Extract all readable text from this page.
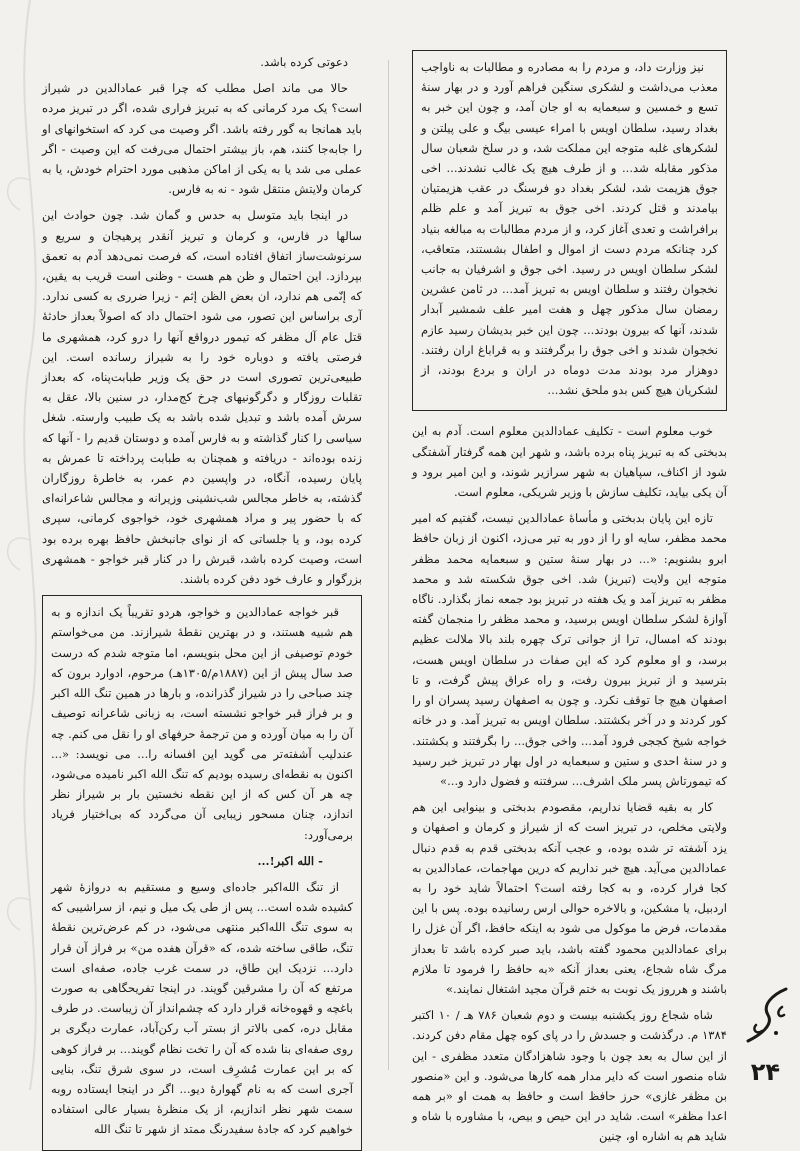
دعوتی کرده باشد.

حالا می ماند اصل مطلب که چرا قبر عمادالدین در شیراز است؟ یک مرد کرمانی که به تبریز فراری شده، اگر در تبریز مرده باید همانجا به گور رفته باشد. اگر وصیت می کرد که استخوانهای او را جابه‌جا کنند، هم، باز بیشتر احتمال می‌رفت که این وصیت - اگر عملی می شد یا به یکی از اماکن مذهبی مورد احترام خودش، یا به کرمان ولایتش منتقل شود - نه به فارس.

در اینجا باید متوسل به حدس و گمان شد. چون حوادث این سالها در فارس، و کرمان و تبریز آنقدر پرهیجان و سریع و سرنوشت‌ساز اتفاق افتاده است، که فرصت نمی‌دهد آدم به تعمق بپردازد. این احتمال و ظن هم هست - وظنی است قریب به یقین، که إنّمی هم ندارد، ان بعض الظن إثم - زیرا ضرری به کسی ندارد. آری براساس این تصور، می شود احتمال داد که اصولاً بعداز حادثهٔ قتل عام آل مظفر که تیمور درواقع آنها را درو کرد، همشهری ما فرصتی یافته و دوباره خود را به شیراز رسانده است. این طبیعی‌ترین تصوری است در حق یک وزیر طبابت‌پناه، که بعداز تقلبات روزگار و دگرگونیهای چرخ کج‌مدار، در سنین بالا، عقل به سرش آمده باشد و تبدیل شده باشد به یک طبیب وارسته. شغل سیاسی را کنار گذاشته و به فارس آمده و دوستان قدیم را - آنها که زنده بوده‌اند - دریافته و همچنان به طبابت پرداخته تا عمرش به پایان رسیده، آنگاه، در واپسین دم عمر، به خاطرهٔ روزگاران گذشته، به خاطر مجالس شب‌نشینی وزیرانه و مجالس شاعرانه‌ای که با حضور پیر و مراد همشهری خود، خواجوی کرمانی، سپری کرده بود، و یا جلساتی که از نوای جانبخش حافظ بهره برده بود است، وصیت کرده باشد، قبرش را در کنار قبر خواجو - همشهری بزرگوار و عارف خود دفن کرده باشند.

قبر خواجه عمادالدین و خواجو، هردو تقریباً یک اندازه و به هم شبیه هستند، و در بهترین نقطهٔ شیرازند. من می‌خواستم خودم توصیفی از این محل بنویسم، اما متوجه شدم که درست صد سال پیش از این (۱۸۸۷م/۱۳۰۵هـ) مرحوم، ادوارد برون که چند صباحی را در شیراز گذرانده، و بارها در همین تنگ الله اکبر و بر فراز قبر خواجو نشسته است، به زبانی شاعرانه توصیف آن را به میان آورده و من ترجمهٔ حرفهای او را نقل می کنم. چه عندلیب آشفته‌تر می گوید این افسانه را... می نویسد: «... اکنون به نقطه‌ای رسیده بودیم که تنگ الله اکبر نامیده می‌شود، چه هر آن کس که از این نقطه نخستین بار بر شیراز نظر اندازد، چنان مسحور زیبایی آن می‌گردد که بی‌اختیار فریاد برمی‌آورد:

- الله اکبر!...

از تنگ الله‌اکبر جاده‌ای وسیع و مستقیم به دروازهٔ شهر کشیده شده است... پس از طی یک میل و نیم، از سراشیبی که به سوی تنگ الله‌اکبر منتهی می‌شود، در کم عرض‌ترین نقطهٔ تنگ، طاقی ساخته شده، که «قرآن هفده من» بر فراز آن قرار دارد... نزدیک این طاق، در سمت غرب جاده، صفه‌ای است مرتفع که آن را مشرقین گویند. در اینجا تفریحگاهی به صورت باغچه و قهوه‌خانه قرار دارد که چشم‌انداز آن زیباست. در طرف مقابل دره، کمی بالاتر از بستر آب رکن‌آباد، عمارت دیگری بر روی صفه‌ای بنا شده که آن را تخت نظام گویند... بر فراز کوهی که بر این عمارت مُشرِف است، در سوی شرق تنگ، بنایی آجری است که به نام گهوارهٔ دیو... اگر در اینجا ایستاده روبه سمت شهر نظر اندازیم، از یک منظرهٔ بسیار عالی استفاده خواهیم کرد که جادهٔ سفیدرنگ ممتد از شهر تا تنگ الله

نیز وزارت داد، و مردم را به مصادره و مطالبات به ناواجب معذب می‌داشت و لشکری سنگین فراهم آورد و در بهار سنهٔ تسع و خمسین و سبعمایه به او جان آمد، و چون این خبر به بغداد رسید، سلطان اویس با امراء عیسی بیگ و علی پیلتن و لشکرهای غلبه متوجه این مملکت شد، و در سلخ شعبان سال مذکور مقابله شد... و از طرف هیچ یک غالب نشدند... اخی جوق هزیمت شد، لشکر بغداد دو فرسنگ در عقب هزیمتیان بیامدند و قتل کردند. اخی جوق به تبریز آمد و علم ظلم برافراشت و تعدی آغاز کرد، و از مردم مطالبات به مبالغه بنیاد کرد چنانکه مردم دست از اموال و اطفال بشستند، متعاقب، لشکر سلطان اویس در رسید. اخی جوق و اشرفیان به جانب نخجوان رفتند و سلطان اویس به تبریز آمد... در ثامن عشرین رمضان سال مذکور چهل و هفت امیر علف شمشیر آبدار شدند، آنها که بیرون بودند... چون این خبر بدیشان رسید عازم نخجوان شدند و اخی جوق را برگرفتند و به قراباغ اران رفتند. دوهزار مرد بودند مدت دوماه در اران و بردع بودند، از لشکریان هیچ کس بدو ملحق نشد...

خوب معلوم است - تکلیف عمادالدین معلوم است. آدم به این بدبختی که به تبریز پناه برده باشد، و شهر این همه گرفتار آشفتگی شود از اکناف، سپاهیان به شهر سرازیر شوند، و این امیر برود و آن یکی بیاید، تکلیف سازش با وزیر شریکی، معلوم است.

تازه این پایان بدبختی و مأساهٔ عمادالدین نیست، گفتیم که امیر محمد مظفر، سایه او را از دور به تیر می‌زد، اکنون از زبان حافظ ابرو بشنویم: «... در بهار سنهٔ ستین و سبعمایه محمد مظفر متوجه این ولایت (تبریز) شد. اخی جوق شکسته شد و محمد مظفر به تبریز آمد و یک هفته در تبریز بود جمعه نماز بگذارد. ناگاه آوازهٔ لشکر سلطان اویس برسید، و محمد مظفر را منجمان گفته بودند که امسال، ترا از جوانی ترک چهره بلند بالا ملالت عظیم برسد، و او معلوم کرد که این صفات در سلطان اویس هست، بترسید و از تبریز بیرون رفت، و راه عراق پیش گرفت، و تا اصفهان هیچ جا توقف نکرد. و چون به اصفهان رسید پسران او را کور کردند و در آخر بکشتند. سلطان اویس به تبریز آمد. و در خانه خواجه شیخ کججی فرود آمد... واخی جوق... را بگرفتند و بکشتند. و در سنهٔ احدی و ستین و سبعمایه در اول بهار در تبریز خبر رسید که تیمورتاش پسر ملک اشرف... سرفتنه و فضول دارد و...»

کار به بقیه قضایا نداریم، مقصودم بدبختی و بینوایی این هم ولایتی مخلص، در تبریز است که از شیراز و کرمان و اصفهان و یزد آشفته تر شده بوده، و عجب آنکه بدبختی قدم به قدم دنبال عمادالدین می‌آید. هیچ خبر نداریم که درین مهاجمات، عمادالدین به کجا فرار کرده، و به کجا رفته است؟ احتمالاً شاید خود را به اردبیل، یا مشکین، و بالاخره حوالی ارس رسانیده بوده. پس با این مقدمات، فرض ما موکول می شود به اینکه حافظ، اگر آن غزل را برای عمادالدین محمود گفته باشد، باید صبر کرده باشد تا بعداز مرگ شاه شجاع، یعنی بعداز آنکه «به حافظ را فرمود تا ملازم باشند و هرروز یک نوبت به ختم قرآن مجید اشتغال نمایند.»

شاه شجاع روز یکشنبه بیست و دوم شعبان ۷۸۶ هـ / ۱۰ اکتبر ۱۳۸۴ م. درگذشت و جسدش را در پای کوه چهل مقام دفن کردند. از این سال به بعد چون با وجود شاهزادگان متعدد مظفری - این شاه منصور است که دایر مدار همه کارها می‌شود. و این «منصور بن مظفر غازی» حرز حافظ است و حافظ به همت او «بر همه اعدا مظفر» است. شاید در این حیص و بیص، با مشاوره با شاه و شاید هم به اشاره او، چنین

۲۴
